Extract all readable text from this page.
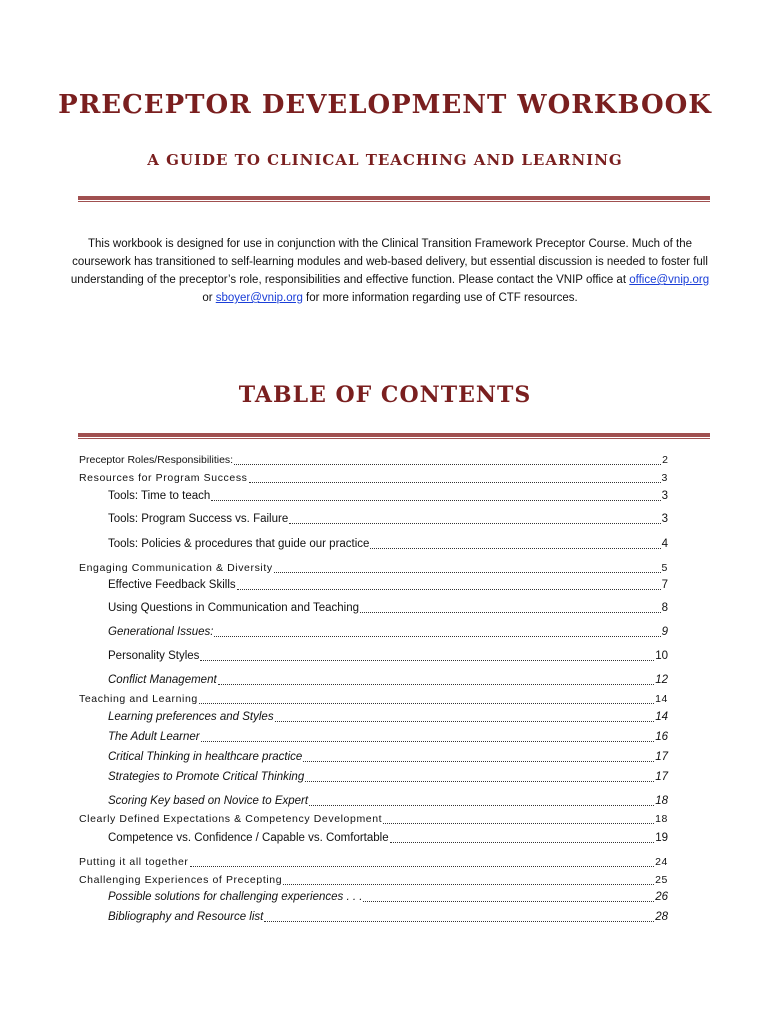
PRECEPTOR DEVELOPMENT WORKBOOK
A GUIDE TO CLINICAL TEACHING AND LEARNING

This workbook is designed for use in conjunction with the Clinical Transition Framework Preceptor Course. Much of the coursework has transitioned to self-learning modules and web-based delivery, but essential discussion is needed to foster full understanding of the preceptor’s role, responsibilities and effective function. Please contact the VNIP office at office@vnip.org or sboyer@vnip.org for more information regarding use of CTF resources.

TABLE OF CONTENTS
Preceptor Roles/Responsibilities:	2
Resources for Program Success	3
Tools: Time to teach	3
Tools: Program Success vs. Failure	3
Tools: Policies & procedures that guide our practice	4
Engaging Communication & Diversity	5
Effective Feedback Skills	7
Using Questions in Communication and Teaching	8
Generational Issues:	9
Personality Styles	10
Conflict Management	12
Teaching and Learning	14
Learning preferences and Styles	14
The Adult Learner	16
Critical Thinking in healthcare practice	17
Strategies to Promote Critical Thinking	17
Scoring Key based on Novice to Expert	18
Clearly Defined Expectations & Competency Development	18
Competence vs. Confidence / Capable vs. Comfortable	19
Putting it all together	24
Challenging Experiences of Precepting	25
Possible solutions for challenging experiences . . .	26
Bibliography and Resource list	28
